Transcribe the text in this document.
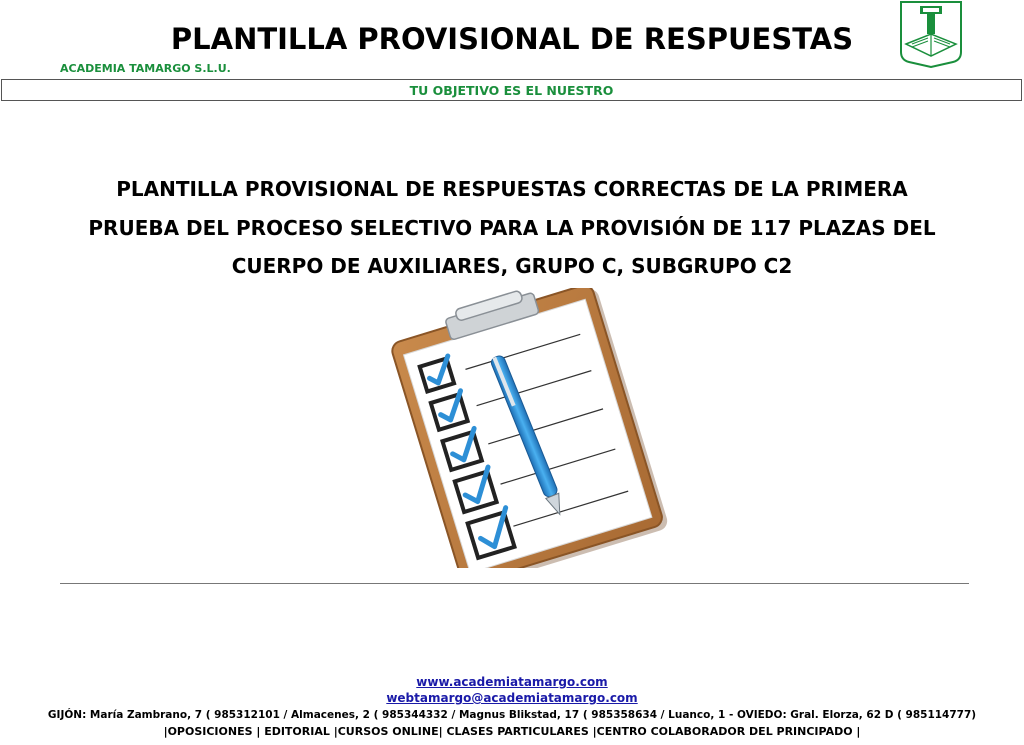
PLANTILLA PROVISIONAL DE RESPUESTAS
ACADEMIA TAMARGO S.L.U.
TU OBJETIVO ES EL NUESTRO
PLANTILLA PROVISIONAL DE RESPUESTAS CORRECTAS DE LA PRIMERA
PRUEBA DEL PROCESO SELECTIVO PARA LA PROVISIÓN DE 117 PLAZAS DEL
CUERPO DE AUXILIARES, GRUPO C, SUBGRUPO C2
www.academiatamargo.com
webtamargo@academiatamargo.com
GIJÓN: María Zambrano, 7 ( 985312101 / Almacenes, 2 ( 985344332 / Magnus Blikstad, 17 ( 985358634 / Luanco, 1 - OVIEDO: Gral. Elorza, 62 D ( 985114777)
|OPOSICIONES | EDITORIAL |CURSOS ONLINE| CLASES PARTICULARES |CENTRO COLABORADOR DEL PRINCIPADO |
